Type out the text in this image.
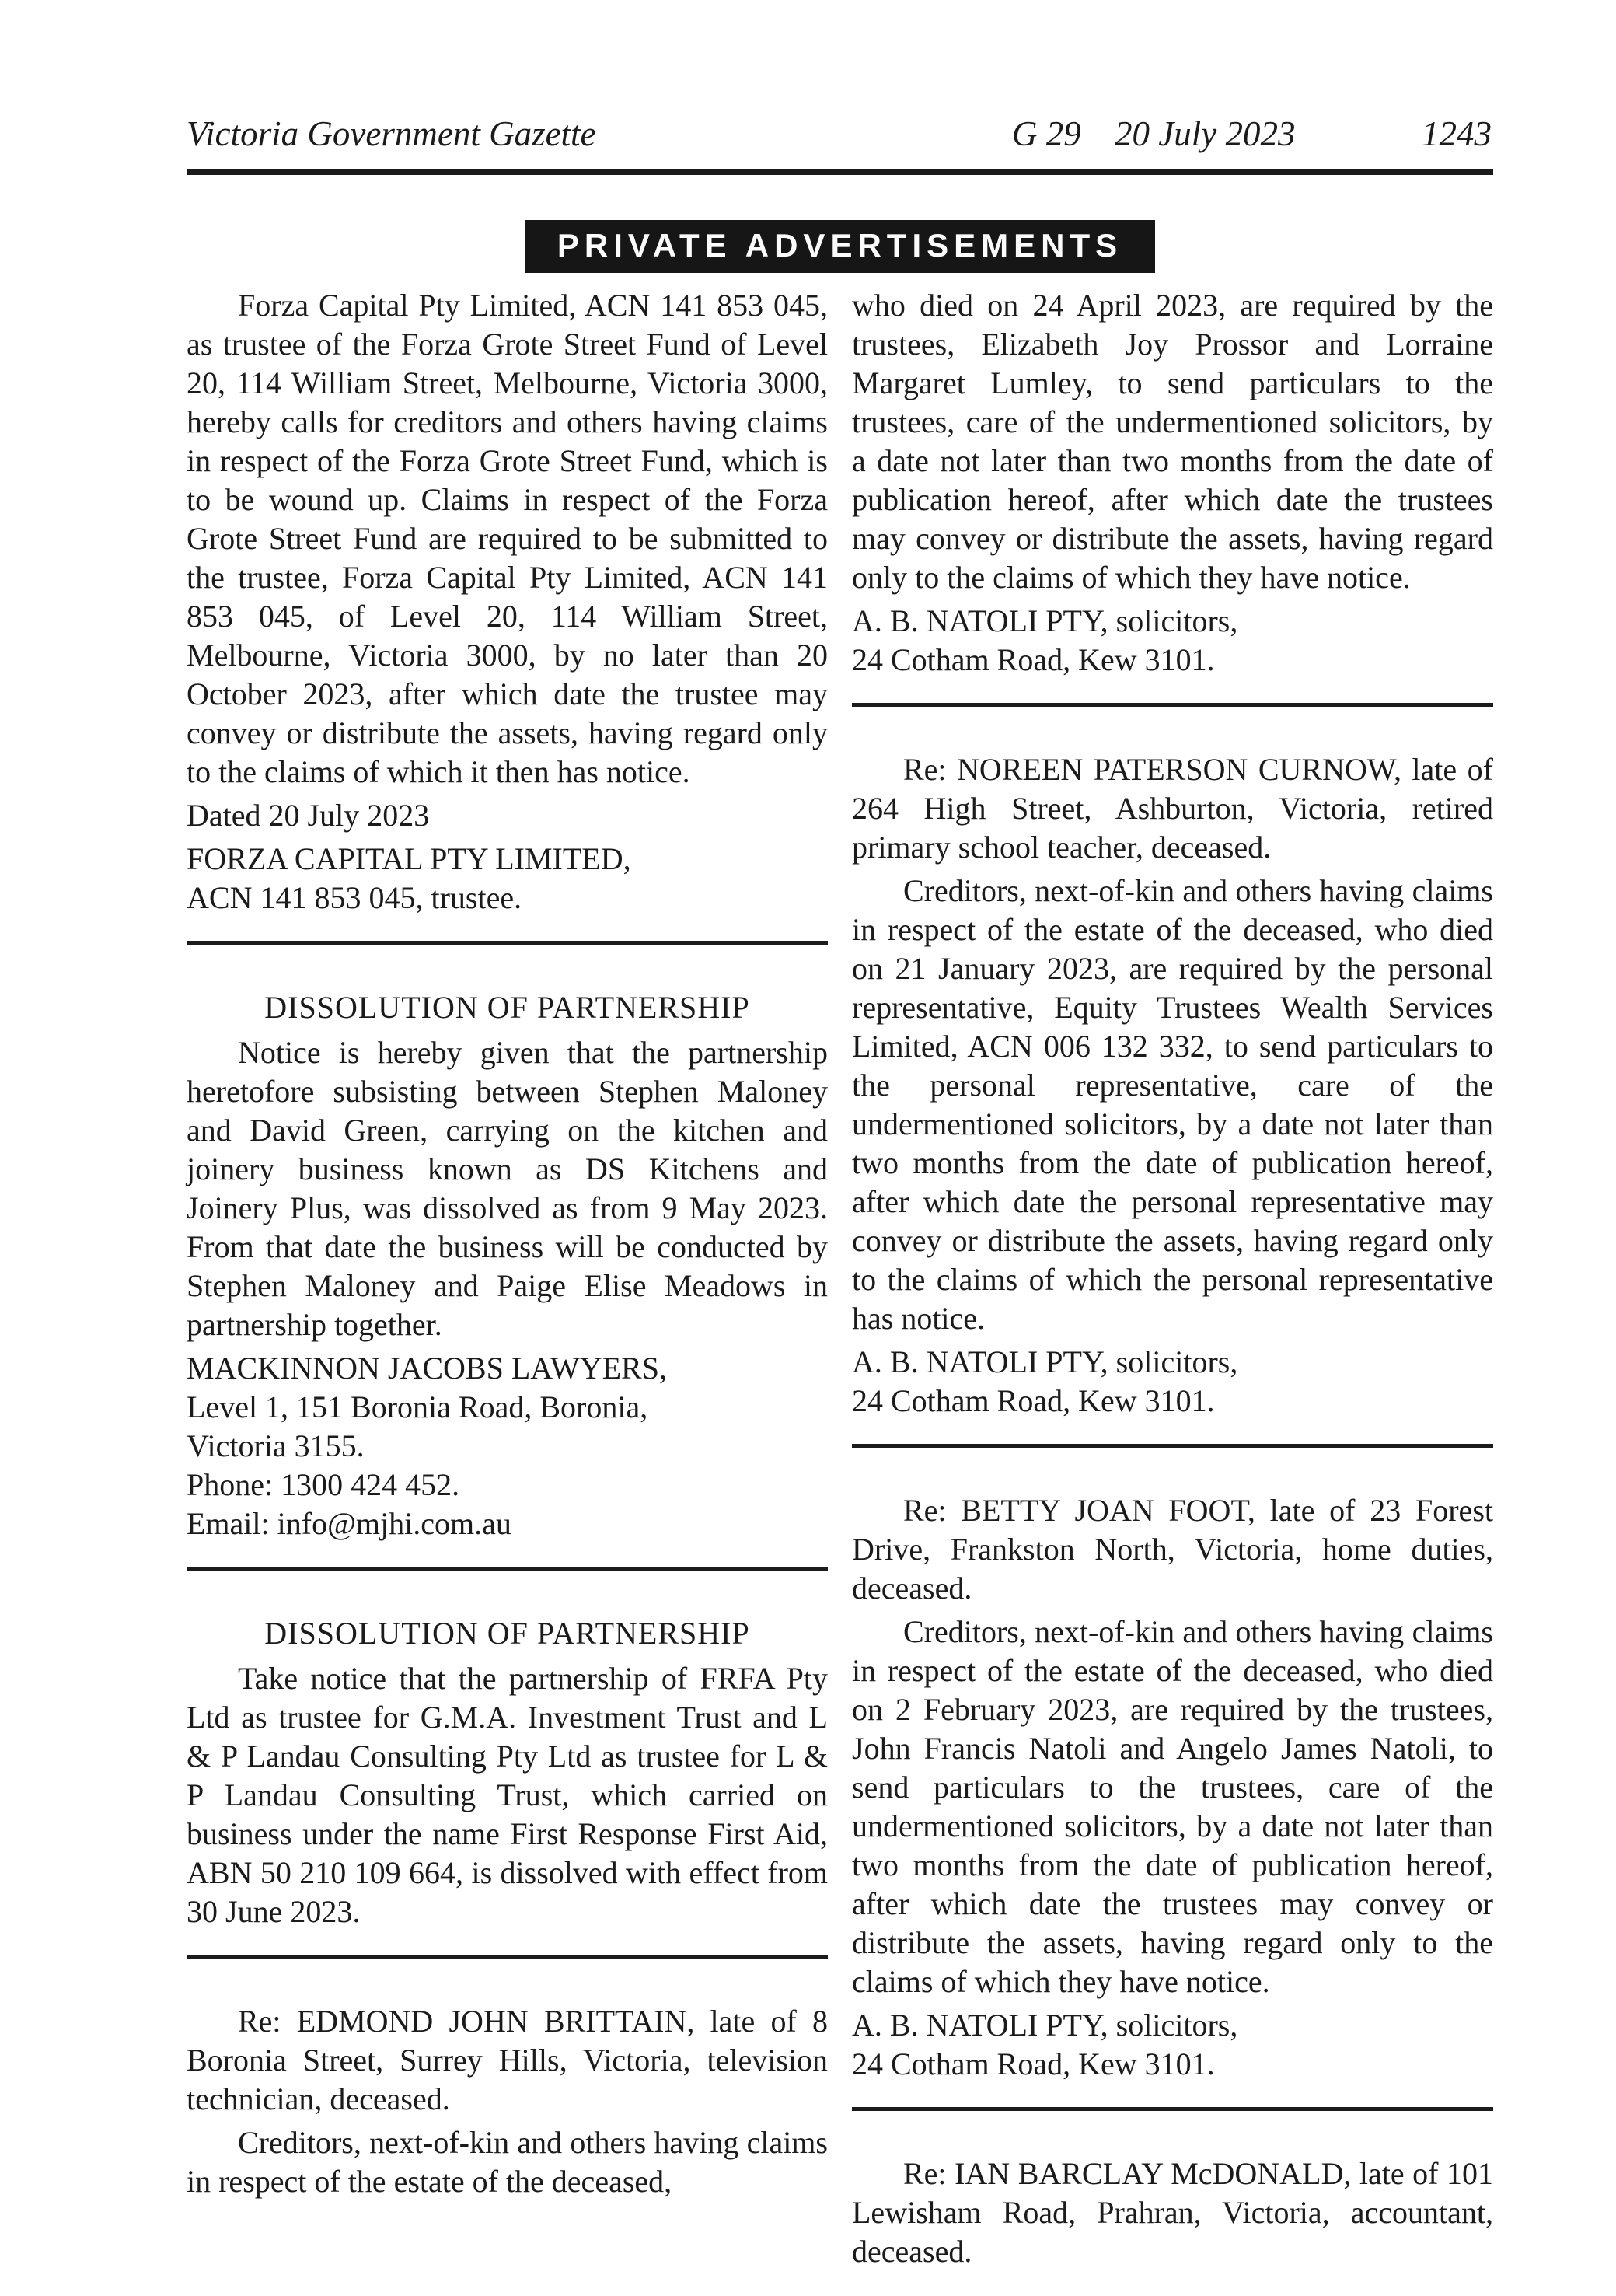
Victoria Government Gazette	G 29 20 July 2023	1243
PRIVATE ADVERTISEMENTS

Forza Capital Pty Limited, ACN 141 853 045, as trustee of the Forza Grote Street Fund of Level 20, 114 William Street, Melbourne, Victoria 3000, hereby calls for creditors and others having claims in respect of the Forza Grote Street Fund, which is to be wound up. Claims in respect of the Forza Grote Street Fund are required to be submitted to the trustee, Forza Capital Pty Limited, ACN 141 853 045, of Level 20, 114 William Street, Melbourne, Victoria 3000, by no later than 20 October 2023, after which date the trustee may convey or distribute the assets, having regard only to the claims of which it then has notice.

Dated 20 July 2023
FORZA CAPITAL PTY LIMITED,
ACN 141 853 045, trustee.
DISSOLUTION OF PARTNERSHIP

Notice is hereby given that the partnership heretofore subsisting between Stephen Maloney and David Green, carrying on the kitchen and joinery business known as DS Kitchens and Joinery Plus, was dissolved as from 9 May 2023. From that date the business will be conducted by Stephen Maloney and Paige Elise Meadows in partnership together.

MACKINNON JACOBS LAWYERS,
Level 1, 151 Boronia Road, Boronia,
Victoria 3155.
Phone: 1300 424 452.
Email: info@mjhi.com.au
DISSOLUTION OF PARTNERSHIP

Take notice that the partnership of FRFA Pty Ltd as trustee for G.M.A. Investment Trust and L & P Landau Consulting Pty Ltd as trustee for L & P Landau Consulting Trust, which carried on business under the name First Response First Aid, ABN 50 210 109 664, is dissolved with effect from 30 June 2023.

Re: EDMOND JOHN BRITTAIN, late of 8 Boronia Street, Surrey Hills, Victoria, television technician, deceased.

Creditors, next-of-kin and others having claims in respect of the estate of the deceased,

who died on 24 April 2023, are required by the trustees, Elizabeth Joy Prossor and Lorraine Margaret Lumley, to send particulars to the trustees, care of the undermentioned solicitors, by a date not later than two months from the date of publication hereof, after which date the trustees may convey or distribute the assets, having regard only to the claims of which they have notice.

A. B. NATOLI PTY, solicitors,
24 Cotham Road, Kew 3101.

Re: NOREEN PATERSON CURNOW, late of 264 High Street, Ashburton, Victoria, retired primary school teacher, deceased.

Creditors, next-of-kin and others having claims in respect of the estate of the deceased, who died on 21 January 2023, are required by the personal representative, Equity Trustees Wealth Services Limited, ACN 006 132 332, to send particulars to the personal representative, care of the undermentioned solicitors, by a date not later than two months from the date of publication hereof, after which date the personal representative may convey or distribute the assets, having regard only to the claims of which the personal representative has notice.

A. B. NATOLI PTY, solicitors,
24 Cotham Road, Kew 3101.

Re: BETTY JOAN FOOT, late of 23 Forest Drive, Frankston North, Victoria, home duties, deceased.

Creditors, next-of-kin and others having claims in respect of the estate of the deceased, who died on 2 February 2023, are required by the trustees, John Francis Natoli and Angelo James Natoli, to send particulars to the trustees, care of the undermentioned solicitors, by a date not later than two months from the date of publication hereof, after which date the trustees may convey or distribute the assets, having regard only to the claims of which they have notice.

A. B. NATOLI PTY, solicitors,
24 Cotham Road, Kew 3101.

Re: IAN BARCLAY McDONALD, late of 101 Lewisham Road, Prahran, Victoria, accountant, deceased.
